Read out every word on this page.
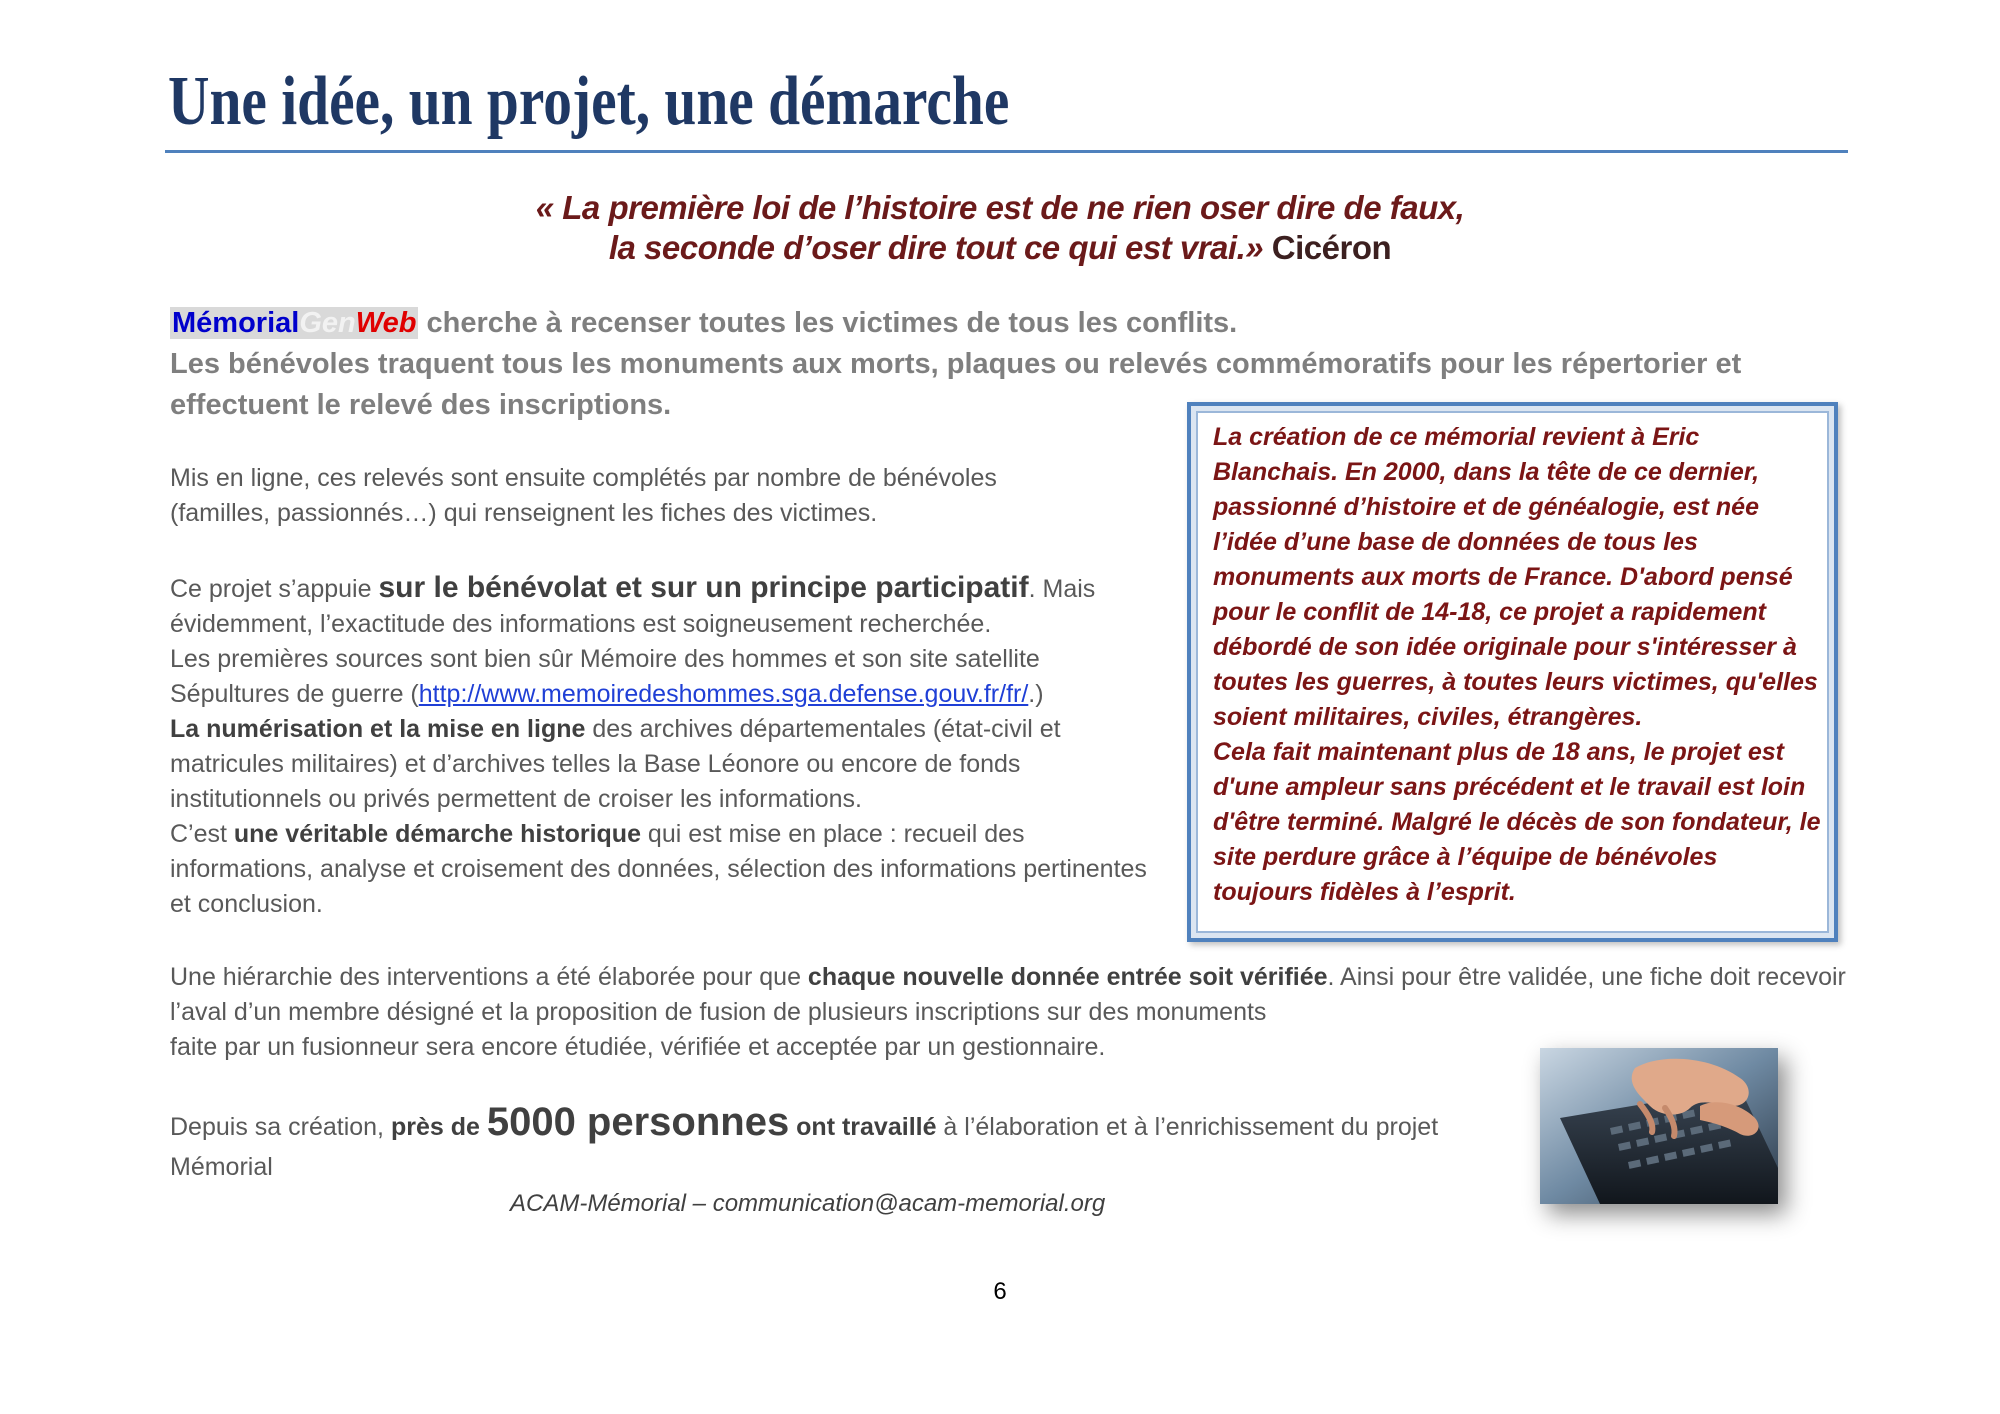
Une idée, un projet, une démarche
« La première loi de l’histoire est de ne rien oser dire de faux,
la seconde d’oser dire tout ce qui est vrai.» Cicéron
MémorialGenWeb cherche à recenser toutes les victimes de tous les conflits.
Les bénévoles traquent tous les monuments aux morts, plaques ou relevés commémoratifs pour les répertorier et effectuent le relevé des inscriptions.
Mis en ligne, ces relevés sont ensuite complétés par nombre de bénévoles (familles, passionnés…) qui renseignent les fiches des victimes.
Ce projet s’appuie sur le bénévolat et sur un principe participatif. Mais évidemment, l’exactitude des informations est soigneusement recherchée.
Les premières sources sont bien sûr Mémoire des hommes et son site satellite Sépultures de guerre (http://www.memoiredeshommes.sga.defense.gouv.fr/fr/.)
La numérisation et la mise en ligne des archives départementales (état-civil et matricules militaires) et d’archives telles la Base Léonore ou encore de fonds institutionnels ou privés permettent de croiser les informations.
C’est une véritable démarche historique qui est mise en place : recueil des informations, analyse et croisement des données, sélection des informations pertinentes et conclusion.
Une hiérarchie des interventions a été élaborée pour que chaque nouvelle donnée entrée soit vérifiée. Ainsi pour être validée, une fiche doit recevoir l’aval d’un membre désigné et la proposition de fusion de plusieurs inscriptions sur des monuments
faite par un fusionneur sera encore étudiée, vérifiée et acceptée par un gestionnaire.
Depuis sa création, près de 5000 personnes ont travaillé à l’élaboration et à l’enrichissement du projet Mémorial
ACAM-Mémorial – communication@acam-memorial.org
La création de ce mémorial revient à Eric Blanchais. En 2000, dans la tête de ce dernier, passionné d’histoire et de généalogie, est née l’idée d’une base de données de tous les monuments aux morts de France. D'abord pensé pour le conflit de 14-18, ce projet a rapidement débordé de son idée originale pour s'intéresser à toutes les guerres, à toutes leurs victimes, qu'elles soient militaires, civiles, étrangères.
Cela fait maintenant plus de 18 ans, le projet est d'une ampleur sans précédent et le travail est loin d'être terminé. Malgré le décès de son fondateur, le site perdure grâce à l’équipe de bénévoles toujours fidèles à l’esprit.
6
